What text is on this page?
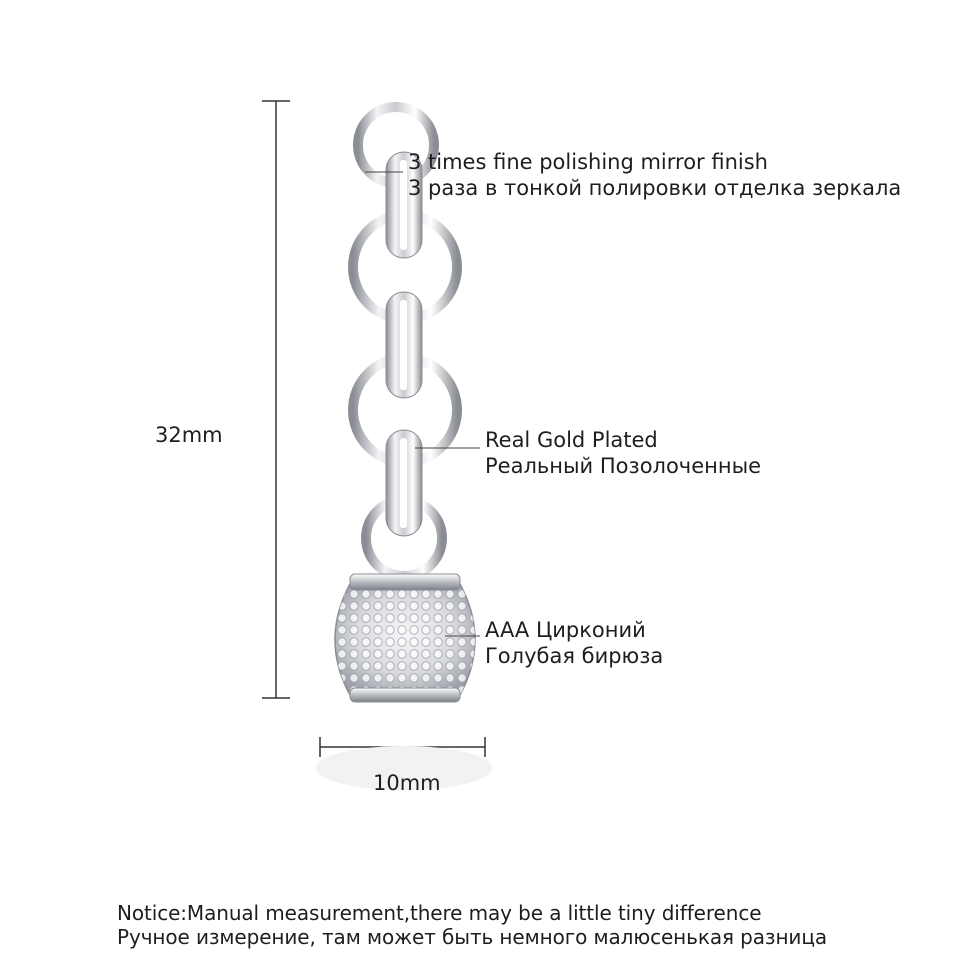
32mm
10mm
3 times fine polishing mirror finish
3 раза в тонкой полировки отделка зеркала
Real Gold Plated
Реальный Позолоченные
AAA Цирконий
Голубая бирюза
Notice:Manual measurement,there may be a little tiny difference
Ручное измерение, там может быть немного малюсенькая разница
